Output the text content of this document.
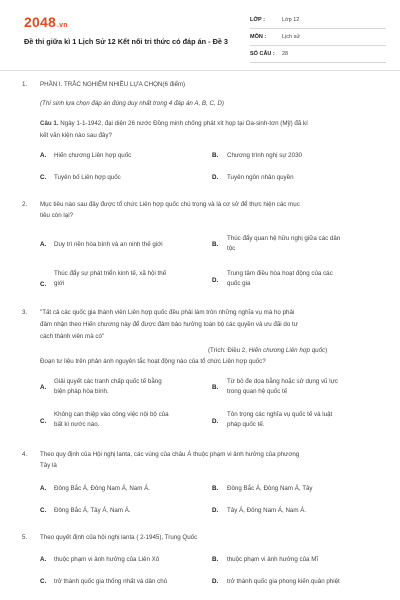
2048.vn
Đề thi giữa kì 1 Lịch Sử 12 Kết nối tri thức có đáp án - Đề 3
LỚP :	Lớp 12
MÔN :	Lịch sử
SỐ CÂU : 28
1. PHẦN I. TRẮC NGHIỆM NHIỀU LỰA CHỌN(6 điểm)
(Thí sinh lựa chọn đáp án đúng duy nhất trong 4 đáp án A, B, C, D)
Câu 1. Ngày 1-1-1942, đại diện 26 nước Đồng minh chống phát xít họp tại Oa-sinh-tơn (Mỹ) đã kí
kết văn kiện nào sau đây?
A. Hiến chương Liên hợp quốc	B. Chương trình nghị sự 2030
C. Tuyên bố Liên hợp quốc	D. Tuyên ngôn nhân quyền
2. Mục tiêu nào sau đây được tổ chức Liên hợp quốc chú trọng và là cơ sở để thực hiện các mục
tiêu còn lại?
A. Duy trì nền hòa bình và an ninh thế giới	B.
Thúc đẩy quan hệ hữu nghị giữa các dân
tộc
C.
Thúc đẩy sự phát triển kinh tế, xã hội thế
giới	D.
Trung tâm điều hòa hoạt động của các
quốc gia
3. "Tất cả các quốc gia thành viên Liên hợp quốc đều phải làm tròn những nghĩa vụ mà họ phải
đảm nhận theo Hiến chương này để được đảm bảo hưởng toàn bộ các quyền và ưu đãi do tư
cách thành viên mà có"
(Trích: Điều 2, Hiến chương Liên hợp quốc)
Đoạn tư liệu trên phản ánh nguyên tắc hoạt động nào của tổ chức Liên hợp quốc?
A.
Giải quyết các tranh chấp quốc tế bằng
biện pháp hòa bình.
B.
Từ bỏ đe dọa bằng hoặc sử dụng vũ lực
trong quan hệ quốc tế
C.
Không can thiệp vào công việc nội bộ của
bất kì nước nào.	D.
Tôn trọng các nghĩa vụ quốc tế và luật
pháp quốc tế.
4. Theo quy định của Hội nghị lanta, các vùng của châu Á thuộc phạm vi ảnh hưởng của phương
Tây là
A. Đông Bắc Á, Đông Nam Á, Nam Á.	B. Đông Bắc Á, Đông Nam Á, Tây
C. Đông Bắc Á, Tây Á, Nam Á.	D. Tây Á, Đông Nam Á, Nam Á.
5. Theo quyết định của hội nghị lanta ( 2-1945), Trung Quốc
A. thuộc phạm vi ảnh hưởng của Liên Xô	B. thuộc phạm vi ảnh hưởng của Mĩ
C. trở thành quốc gia thống nhất và dân chủ	D. trở thành quốc gia phong kiến quân phiệt
